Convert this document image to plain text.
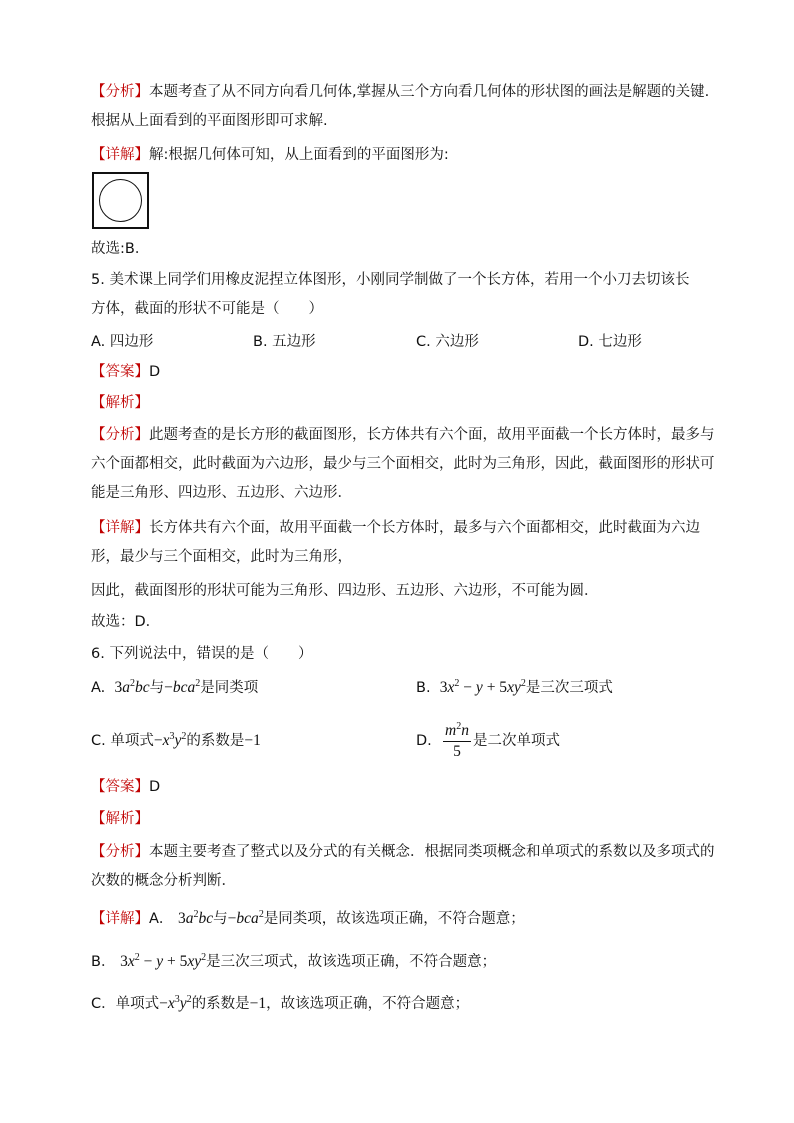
【分析】本题考查了从不同方向看几何体,掌握从三个方向看几何体的形状图的画法是解题的关键.根据从上面看到的平面图形即可求解.
【详解】解:根据几何体可知，从上面看到的平面图形为:
故选:B．
5. 美术课上同学们用橡皮泥捏立体图形，小刚同学制做了一个长方体，若用一个小刀去切该长方体，截面的形状不可能是（　　）
A. 四边形	B. 五边形	C. 六边形	D. 七边形
【答案】D
【解析】
【分析】此题考查的是长方形的截面图形，长方体共有六个面，故用平面截一个长方体时，最多与六个面都相交，此时截面为六边形，最少与三个面相交，此时为三角形，因此，截面图形的形状可能是三角形、四边形、五边形、六边形．
【详解】长方体共有六个面，故用平面截一个长方体时，最多与六个面都相交，此时截面为六边形，最少与三个面相交，此时为三角形，
因此，截面图形的形状可能为三角形、四边形、五边形、六边形，不可能为圆．
故选：D．
6. 下列说法中，错误的是（　　）
A. $3a^2bc$与−bca$^2$是同类项	B. $3x^2 - y + 5xy^2$是三次三项式
C. 单项式$-x^3y^2$的系数是−1	D. $\frac{m^2n}{5}$ 是二次单项式
【答案】D
【解析】
【分析】本题主要考查了整式以及分式的有关概念．根据同类项概念和单项式的系数以及多项式的次数的概念分析判断．
【详解】A． $3a^2bc$与−bca$^2$是同类项，故该选项正确，不符合题意；
B． $3x^2 - y + 5xy^2$是三次三项式，故该选项正确，不符合题意；
C．单项式$-x^3y^2$的系数是−1，故该选项正确，不符合题意；
